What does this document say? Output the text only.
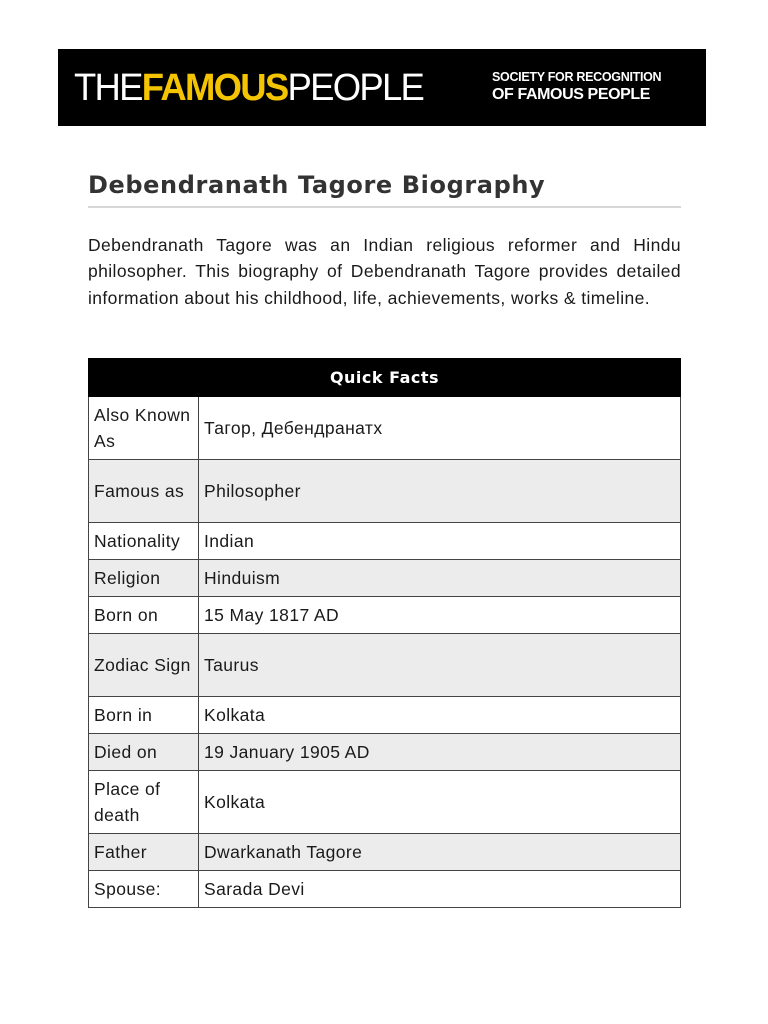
THEFAMOUSPEOPLE	SOCIETY FOR RECOGNITION
OF FAMOUS PEOPLE
Debendranath Tagore Biography

Debendranath Tagore was an Indian religious reformer and Hindu philosopher. This biography of Debendranath Tagore provides detailed information about his childhood, life, achievements, works & timeline.

Quick Facts	
Also Known As	Тагор, Дебендранатх
Famous as	Philosopher
Nationality	Indian
Religion	Hinduism
Born on	15 May 1817 AD
Zodiac Sign	Taurus
Born in	Kolkata
Died on	19 January 1905 AD
Place of death	Kolkata
Father	Dwarkanath Tagore
Spouse:	Sarada Devi
